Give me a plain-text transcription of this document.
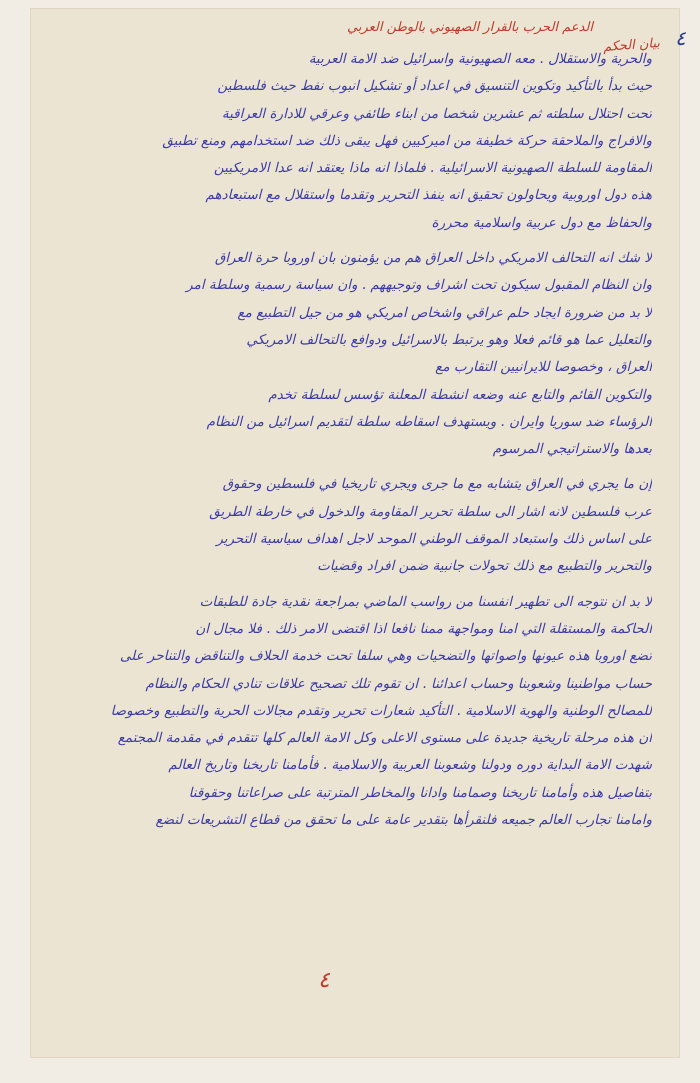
الدعم الحرب بالقرار الصهيوني بالوطن العربي	٤
بيان الحكم
والحرية والاستقلال . معه الصهيونية واسرائيل ضد الامة العربية
حيث بدأ بالتأكيد وتكوين التنسيق في اعداد أو تشكيل انبوب نفط حيث فلسطين
تحت احتلال سلطته ثم عشرين شخصا من ابناء طائفي وعرقي للادارة العراقية
والافراج والملاحقة حركة خطيفة من اميركيين فهل يبقى ذلك ضد استخدامهم ومنع تطبيق
المقاومة للسلطة الصهيونية الاسرائيلية . فلماذا انه ماذا يعتقد انه عدا الامريكيين
هذه دول اوروبية ويحاولون تحقيق انه ينفذ التحرير وتقدما واستقلال مع استبعادهم
والحفاظ مع دول عربية واسلامية محررة
لا شك انه التحالف الامريكي داخل العراق هم من يؤمنون بان اوروبا حرة العراق
وان النظام المقبول سيكون تحت اشراف وتوجيههم . وان سياسة رسمية وسلطة امر
لا بد من ضرورة ايجاد حلم عراقي واشخاص امريكي هو من جيل التطبيع مع
والتعليل عما هو قائم فعلا وهو يرتبط بالاسرائيل ودوافع بالتحالف الامريكي
العراق ، وخصوصا للايرانيين التقارب مع
والتكوين القائم والتابع عنه وضعه انشطة المعلنة تؤسس لسلطة تخدم
الرؤساء ضد سوريا وايران . ويستهدف اسقاطه سلطة لتقديم اسرائيل من النظام
بعدها والاستراتيجي المرسوم
إن ما يجري في العراق يتشابه مع ما جرى ويجري تاريخيا في فلسطين وحقوق
عرب فلسطين لانه اشار الى سلطة تحرير المقاومة والدخول في خارطة الطريق
على اساس ذلك واستبعاد الموقف الوطني الموحد لاجل اهداف سياسية التحرير
والتحرير والتطبيع مع ذلك تحولات جانبية ضمن افراد وقضيات
لا بد ان نتوجه الى تطهير انفسنا من رواسب الماضي بمراجعة نقدية جادة للطبقات
الحاكمة والمستقلة التي امنا ومواجهة ممنا نافعا اذا اقتضى الامر ذلك . فلا مجال ان
تضع اوروبا هذه عيونها واصواتها والتضحيات وهي سلفا تحت خدمة الحلاف والتناقض والتناحر على
حساب مواطنينا وشعوبنا وحساب اعدائنا . ان تقوم تلك تصحيح علاقات تنادي الحكام والنظام
للمصالح الوطنية والهوية الاسلامية . التأكيد شعارات تحرير وتقدم مجالات الحرية والتطبيع وخصوصا
ان هذه مرحلة تاريخية جديدة على مستوى الاعلى وكل الامة العالم كلها تتقدم في مقدمة المجتمع
شهدت الامة البداية دوره ودولنا وشعوبنا العربية والاسلامية . فأمامنا تاريخنا وتاريخ العالم
بتفاصيل هذه وأمامنا تاريخنا وصمامنا وادانا والمخاطر المترتبة على صراعاتنا وحقوقنا
وامامنا تجارب العالم جميعه فلنقرأها بتقدير عامة على ما تحقق من قطاع التشريعات لنضع
٤
